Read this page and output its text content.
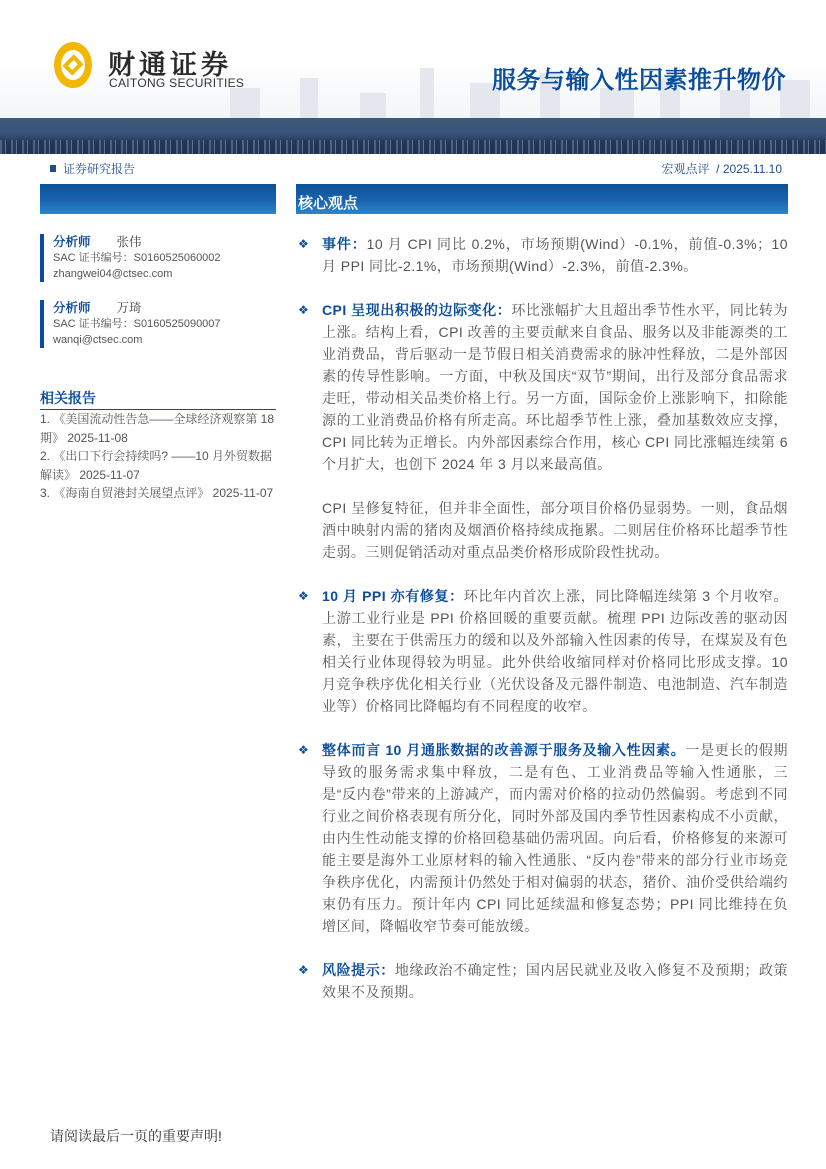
财通证券
CAITONG SECURITIES	服务与输入性因素推升物价
证券研究报告	宏观点评  / 2025.11.10
核心观点
分析师 张伟
SAC 证书编号：S0160525060002
zhangwei04@ctsec.com
分析师 万琦
SAC 证书编号：S0160525090007
wanqi@ctsec.com
相关报告
1. 《美国流动性告急——全球经济观察第 18 期》 2025-11-08
2. 《出口下行会持续吗? ——10 月外贸数据解读》 2025-11-07
3. 《海南自贸港封关展望点评》 2025-11-07
❖ 事件：10 月 CPI 同比 0.2%，市场预期(Wind）-0.1%，前值-0.3%；10 月 PPI 同比-2.1%，市场预期(Wind）-2.3%，前值-2.3%。
❖ CPI 呈现出积极的边际变化：环比涨幅扩大且超出季节性水平，同比转为上涨。结构上看，CPI 改善的主要贡献来自食品、服务以及非能源类的工业消费品，背后驱动一是节假日相关消费需求的脉冲性释放，二是外部因素的传导性影响。一方面，中秋及国庆“双节”期间，出行及部分食品需求走旺，带动相关品类价格上行。另一方面，国际金价上涨影响下，扣除能源的工业消费品价格有所走高。环比超季节性上涨，叠加基数效应支撑，CPI 同比转为正增长。内外部因素综合作用，核心 CPI 同比涨幅连续第 6 个月扩大，也创下 2024 年 3 月以来最高值。
CPI 呈修复特征，但并非全面性，部分项目价格仍显弱势。一则，食品烟酒中映射内需的猪肉及烟酒价格持续成拖累。二则居住价格环比超季节性走弱。三则促销活动对重点品类价格形成阶段性扰动。
❖ 10 月 PPI 亦有修复：环比年内首次上涨，同比降幅连续第 3 个月收窄。上游工业行业是 PPI 价格回暖的重要贡献。梳理 PPI 边际改善的驱动因素，主要在于供需压力的缓和以及外部输入性因素的传导，在煤炭及有色相关行业体现得较为明显。此外供给收缩同样对价格同比形成支撑。10 月竞争秩序优化相关行业（光伏设备及元器件制造、电池制造、汽车制造业等）价格同比降幅均有不同程度的收窄。
❖ 整体而言 10 月通胀数据的改善源于服务及输入性因素。一是更长的假期导致的服务需求集中释放，二是有色、工业消费品等输入性通胀，三是“反内卷”带来的上游减产，而内需对价格的拉动仍然偏弱。考虑到不同行业之间价格表现有所分化，同时外部及国内季节性因素构成不小贡献，由内生性动能支撑的价格回稳基础仍需巩固。向后看，价格修复的来源可能主要是海外工业原材料的输入性通胀、“反内卷”带来的部分行业市场竞争秩序优化，内需预计仍然处于相对偏弱的状态，猪价、油价受供给端约束仍有压力。预计年内 CPI 同比延续温和修复态势；PPI 同比维持在负增区间，降幅收窄节奏可能放缓。
❖ 风险提示：地缘政治不确定性；国内居民就业及收入修复不及预期；政策效果不及预期。
请阅读最后一页的重要声明!
